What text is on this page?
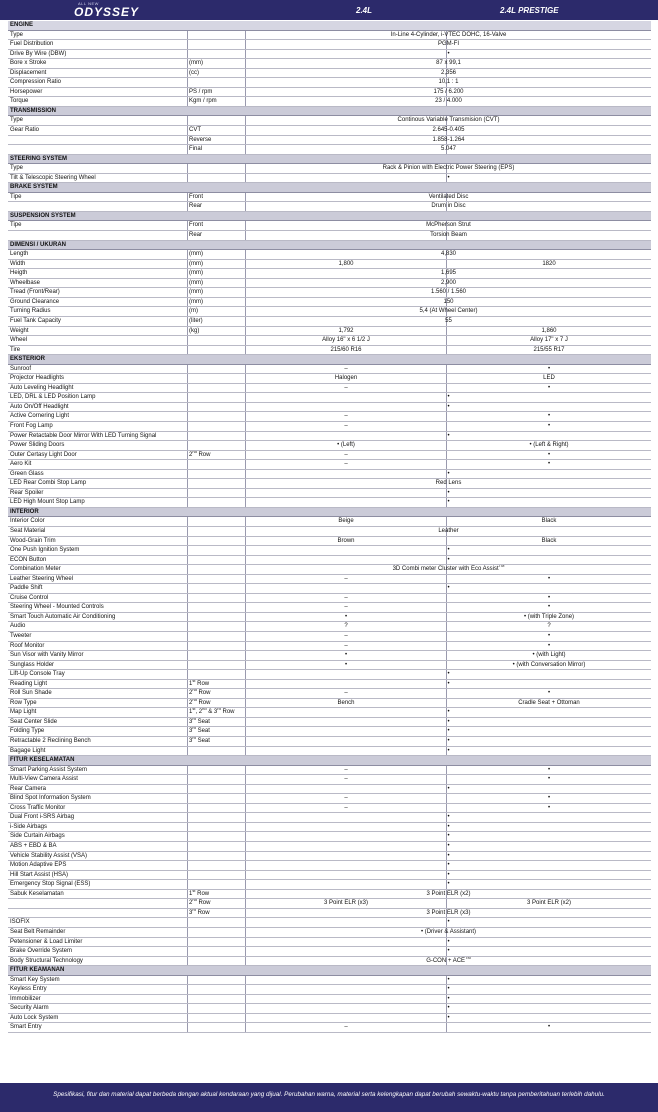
ALL NEW
ODYSSEY	2.4L	2.4L PRESTIGE
ENGINE
Type	In-Line 4-Cylinder, i-VTEC DOHC, 16-Valve
Fuel Distribution	PGM-FI
Drive By Wire (DBW)	•
Bore x Stroke	(mm)	87 x 99,1
Displacement	(cc)	2,356
Compression Ratio	10,1 : 1
Horsepower	PS / rpm	175 / 6.200
Torque	Kgm / rpm	23 / 4.000
TRANSMISSION
Type	Continous Variable Transmision (CVT)
Gear Ratio	CVT	2.645-0.405
Reverse	1.858-1.264
Final	5.047
STEERING SYSTEM
Type	Rack & Pinion with Electric Power Steering (EPS)
Tilt & Telescopic Steering Wheel	•
BRAKE SYSTEM
Tipe	Front	Ventilated Disc
Rear	Drum in Disc
SUSPENSION SYSTEM
Tipe	Front	McPherson Strut
Rear	Torsion Beam
DIMENSI / UKURAN
Length	(mm)	4,830
Width	(mm)	1,800	1820
Heigth	(mm)	1,695
Wheelbase	(mm)	2,900
Tread (Front/Rear)	(mm)	1.560 / 1.560
Ground Clearance	(mm)	150
Turning Radius	(m)	5,4 (At Wheel Center)
Fuel Tank Capacity	(liter)	55
Weight	(kg)	1,792	1,860
Wheel	Alloy 16" x 6 1/2 J	Alloy 17" x 7 J
Tire	215/60 R16	215/55 R17
EKSTERIOR
Sunroof	–	•
Projector Headlights	Halogen	LED
Auto Leveling Headlight	–	•
LED, DRL & LED Position Lamp	•
Auto On/Off Headlight	•
Active Cornering Light	–	•
Front Fog Lamp	–	•
Power Retactable Door Mirror With LED Turning Signal	•
Power Sliding Doors	• (Left)	• (Left & Right)
Outer Certasy Light Door	2nd Row	–	•
Aero Kit	–	•
Green Glass	•
LED Rear Combi Stop Lamp	Red Lens
Rear Spoiler	•
LED High Mount Stop Lamp	•
INTERIOR
Interior Color	Beige	Black
Seat Material	Leather
Wood-Grain Trim	Brown	Black
One Push Ignition System	•
ECON Button	•
Combination Meter	3D Combi meter Cluster with Eco Assist™
Leather Steering Wheel	–	•
Paddle Shift	•
Cruise Control	–	•
Steering Wheel - Mounted Controls	–	•
Smart Touch Automatic Air Conditioning	•	• (with Triple Zone)
Audio	?	?
Tweeter	–	•
Roof Monitor	–	•
Sun Visor with Vanity Mirror	•	• (with Light)
Sunglass Holder	•	• (with Conversation Mirror)
Lift-Up Console Tray	•
Reading Light	1st Row	•
Roll Sun Shade	2nd Row	–	•
Row Type	2nd Row	Bench	Cradle Seat + Ottoman
Map Light	1st, 2nd & 3rd Row	•
Seat Center Slide	3rd Seat	•
Folding Type	3rd Seat	•
Retractable 2 Reclining Bench	3rd Seat	•
Bagage Light	•
FITUR KESELAMATAN
Smart Parking Assist System	–	•
Multi-View Camera Assist	–	•
Rear Camera	•
Blind Spot Information System	–	•
Cross Traffic Monitor	–	•
Dual Front i-SRS Airbag	•
i-Side Airbags	•
Side Curtain Airbags	•
ABS + EBD & BA	•
Vehicle Stability Assist (VSA)	•
Motion Adaptive EPS	•
Hill Start Assist (HSA)	•
Emergency Stop Signal (ESS)	•
Sabuk Keselamatan	1st Row	3 Point ELR (x2)
2nd Row	3 Point ELR (x3)	3 Point ELR (x2)
3rd Row	3 Point ELR (x3)
ISOFIX	•
Seat Belt Remainder	• (Driver & Assistant)
Petensioner & Load Limiter	•
Brake Override System	•
Body Structural Technology	G-CON + ACE™
FITUR KEAMANAN
Smart Key System	•
Keyless Entry	•
Immobilizer	•
Security Alarm	•
Auto Lock System	•
Smart Entry	–	•
Spesifikasi, fitur dan material dapat berbeda dengan aktual kendaraan yang dijual. Perubahan warna, material serta kelengkapan dapat berubah sewaktu-waktu tanpa pemberitahuan terlebih dahulu.
